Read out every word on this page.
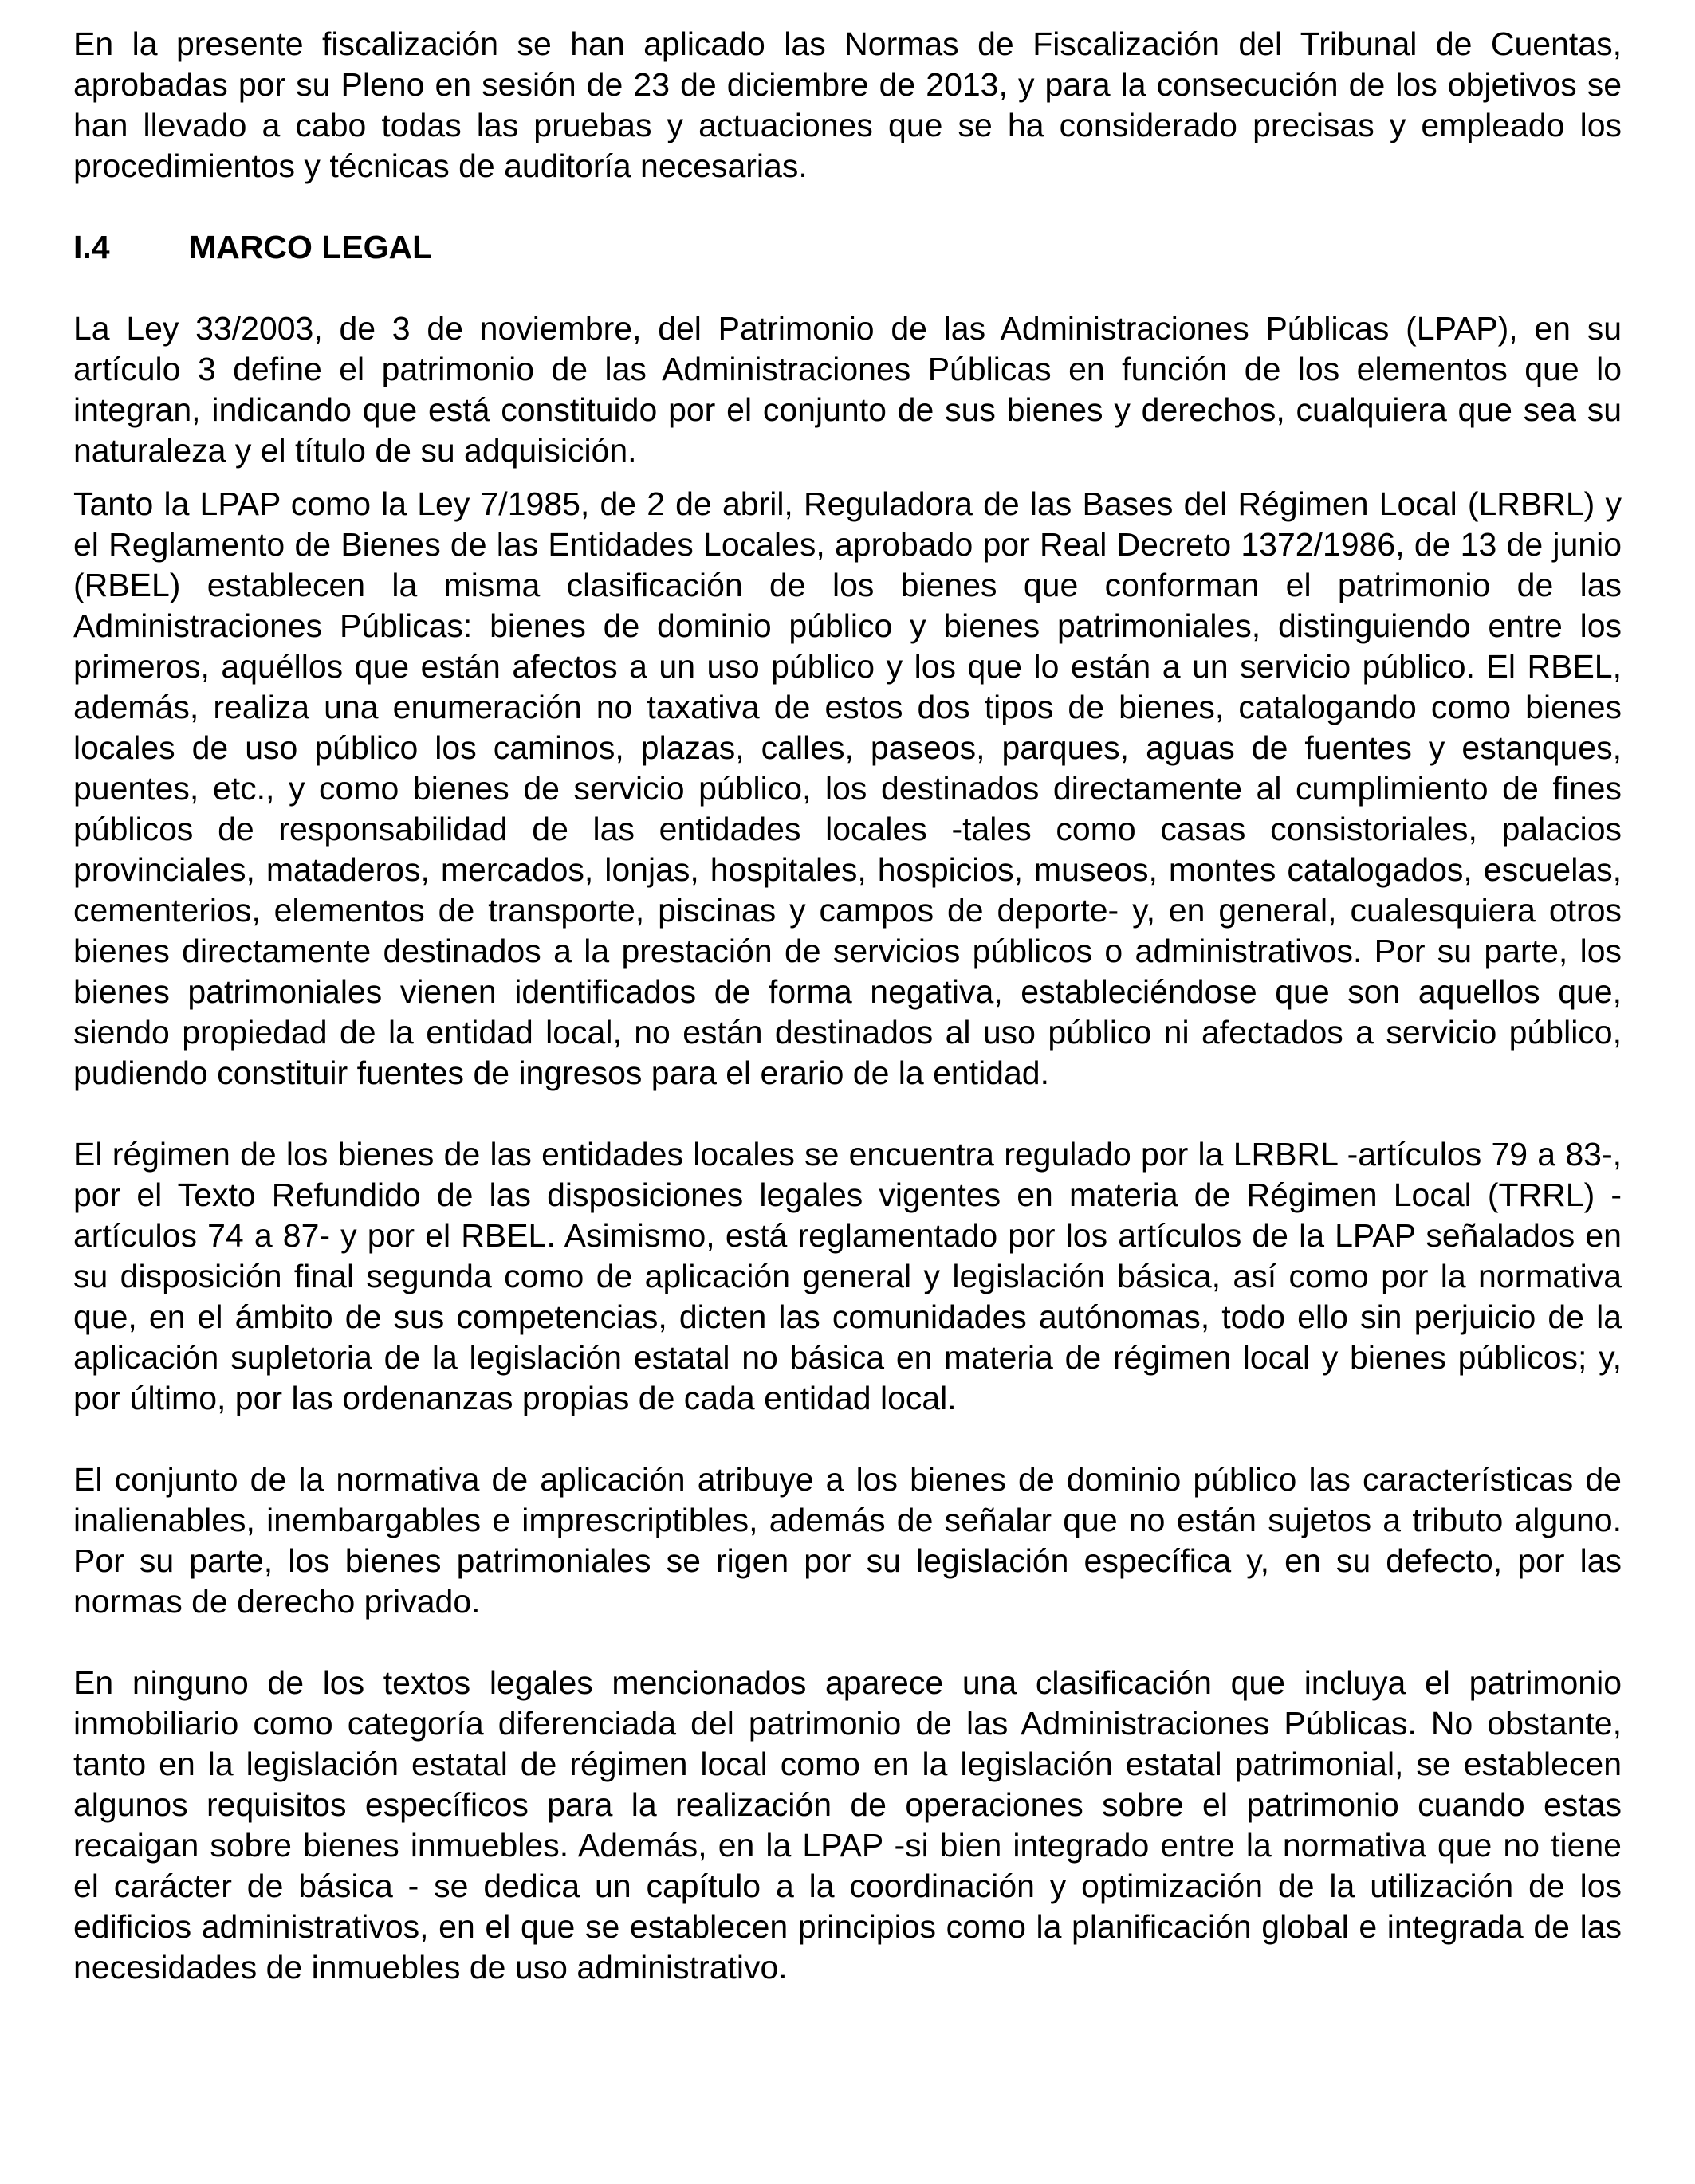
En la presente fiscalización se han aplicado las Normas de Fiscalización del Tribunal de Cuentas, aprobadas por su Pleno en sesión de 23 de diciembre de 2013, y para la consecución de los objetivos se han llevado a cabo todas las pruebas y actuaciones que se ha considerado precisas y empleado los procedimientos y técnicas de auditoría necesarias.

I.4	MARCO LEGAL

La Ley 33/2003, de 3 de noviembre, del Patrimonio de las Administraciones Públicas (LPAP), en su artículo 3 define el patrimonio de las Administraciones Públicas en función de los elementos que lo integran, indicando que está constituido por el conjunto de sus bienes y derechos, cualquiera que sea su naturaleza y el título de su adquisición.

Tanto la LPAP como la Ley 7/1985, de 2 de abril, Reguladora de las Bases del Régimen Local (LRBRL) y el Reglamento de Bienes de las Entidades Locales, aprobado por Real Decreto 1372/1986, de 13 de junio (RBEL) establecen la misma clasificación de los bienes que conforman el patrimonio de las Administraciones Públicas: bienes de dominio público y bienes patrimoniales, distinguiendo entre los primeros, aquéllos que están afectos a un uso público y los que lo están a un servicio público. El RBEL, además, realiza una enumeración no taxativa de estos dos tipos de bienes, catalogando como bienes locales de uso público los caminos, plazas, calles, paseos, parques, aguas de fuentes y estanques, puentes, etc., y como bienes de servicio público, los destinados directamente al cumplimiento de fines públicos de responsabilidad de las entidades locales -tales como casas consistoriales, palacios provinciales, mataderos, mercados, lonjas, hospitales, hospicios, museos, montes catalogados, escuelas, cementerios, elementos de transporte, piscinas y campos de deporte- y, en general, cualesquiera otros bienes directamente destinados a la prestación de servicios públicos o administrativos. Por su parte, los bienes patrimoniales vienen identificados de forma negativa, estableciéndose que son aquellos que, siendo propiedad de la entidad local, no están destinados al uso público ni afectados a servicio público, pudiendo constituir fuentes de ingresos para el erario de la entidad.

El régimen de los bienes de las entidades locales se encuentra regulado por la LRBRL -artículos 79 a 83-, por el Texto Refundido de las disposiciones legales vigentes en materia de Régimen Local (TRRL) -artículos 74 a 87- y por el RBEL. Asimismo, está reglamentado por los artículos de la LPAP señalados en su disposición final segunda como de aplicación general y legislación básica, así como por la normativa que, en el ámbito de sus competencias, dicten las comunidades autónomas, todo ello sin perjuicio de la aplicación supletoria de la legislación estatal no básica en materia de régimen local y bienes públicos; y, por último, por las ordenanzas propias de cada entidad local.

El conjunto de la normativa de aplicación atribuye a los bienes de dominio público las características de inalienables, inembargables e imprescriptibles, además de señalar que no están sujetos a tributo alguno. Por su parte, los bienes patrimoniales se rigen por su legislación específica y, en su defecto, por las normas de derecho privado.

En ninguno de los textos legales mencionados aparece una clasificación que incluya el patrimonio inmobiliario como categoría diferenciada del patrimonio de las Administraciones Públicas. No obstante, tanto en la legislación estatal de régimen local como en la legislación estatal patrimonial, se establecen algunos requisitos específicos para la realización de operaciones sobre el patrimonio cuando estas recaigan sobre bienes inmuebles. Además, en la LPAP -si bien integrado entre la normativa que no tiene el carácter de básica - se dedica un capítulo a la coordinación y optimización de la utilización de los edificios administrativos, en el que se establecen principios como la planificación global e integrada de las necesidades de inmuebles de uso administrativo.
